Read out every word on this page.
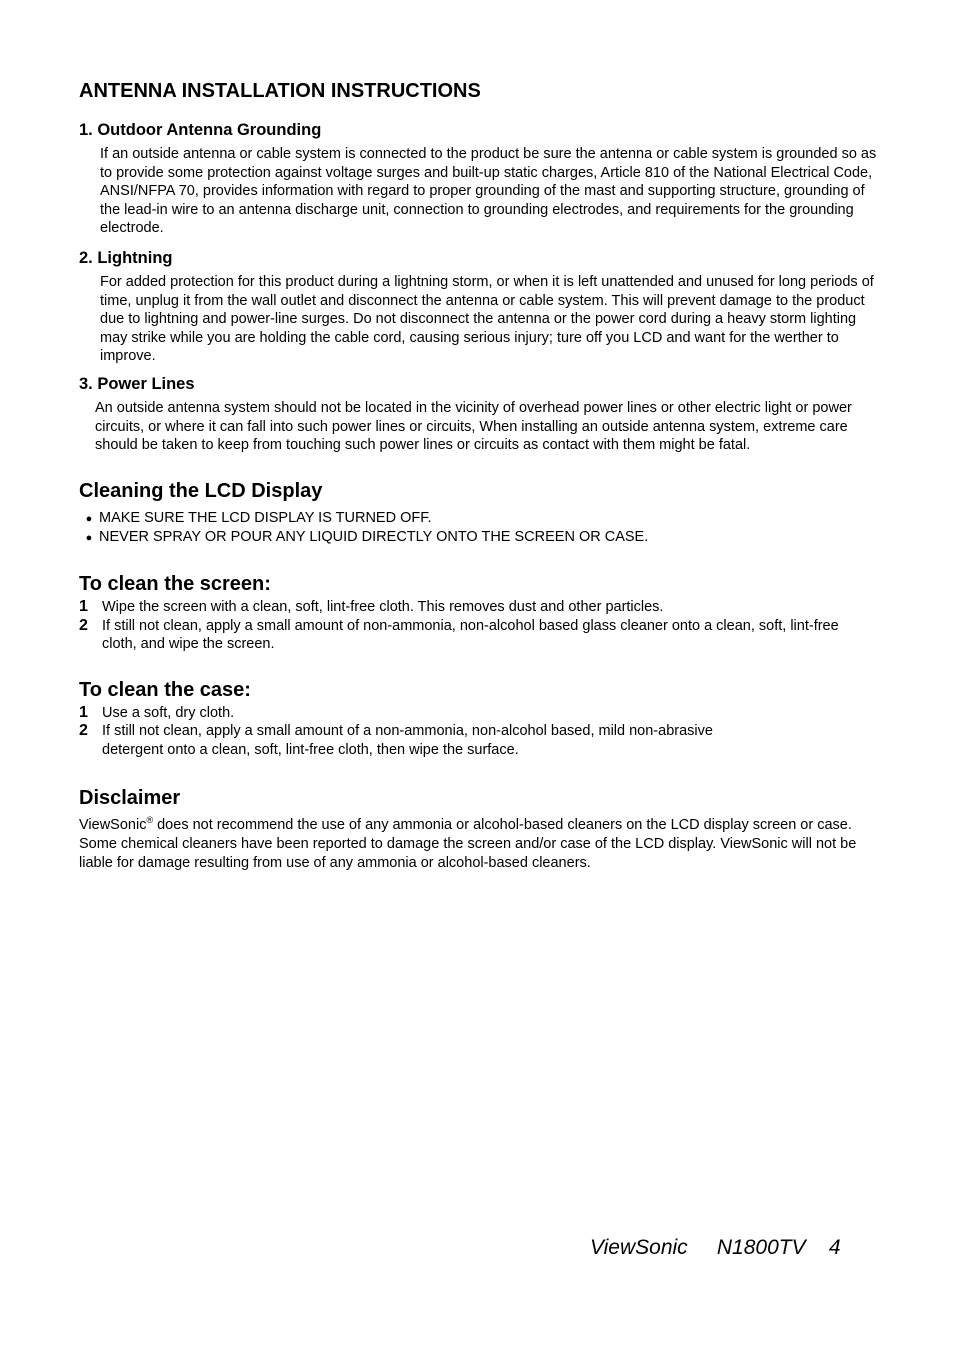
ANTENNA INSTALLATION INSTRUCTIONS
1. Outdoor Antenna Grounding

If an outside antenna or cable system is connected to the product be sure the antenna or cable system is grounded so as to provide some protection against voltage surges and built-up static charges, Article 810 of the National Electrical Code, ANSI/NFPA 70, provides information with regard to proper grounding of the mast and supporting structure, grounding of the lead-in wire to an antenna discharge unit, connection to grounding electrodes, and requirements for the grounding electrode.

2. Lightning

For added protection for this product during a lightning storm, or when it is left unattended and unused for long periods of time, unplug it from the wall outlet and disconnect the antenna or cable system. This will prevent damage to the product due to lightning and power-line surges. Do not disconnect the antenna or the power cord during a heavy storm lighting may strike while you are holding the cable cord, causing serious injury; ture off you LCD and want for the werther to improve.

3. Power Lines

An outside antenna system should not be located in the vicinity of overhead power lines or other electric light or power circuits, or where it can fall into such power lines or circuits, When installing an outside antenna system, extreme care should be taken to keep from touching such power lines or circuits as contact with them might be fatal.

Cleaning the LCD Display
● MAKE SURE THE LCD DISPLAY IS TURNED OFF.
● NEVER SPRAY OR POUR ANY LIQUID DIRECTLY ONTO THE SCREEN OR CASE.
To clean the screen:
1 Wipe the screen with a clean, soft, lint-free cloth. This removes dust and other particles.
2 If still not clean, apply a small amount of non-ammonia, non-alcohol based glass cleaner onto a clean, soft, lint-free cloth, and wipe the screen.
To clean the case:
1 Use a soft, dry cloth.
2 If still not clean, apply a small amount of a non-ammonia, non-alcohol based, mild non-abrasive detergent onto a clean, soft, lint-free cloth, then wipe the surface.
Disclaimer

ViewSonic® does not recommend the use of any ammonia or alcohol-based cleaners on the LCD display screen or case. Some chemical cleaners have been reported to damage the screen and/or case of the LCD display. ViewSonic will not be liable for damage resulting from use of any ammonia or alcohol-based cleaners.

ViewSonic N1800TV 4
